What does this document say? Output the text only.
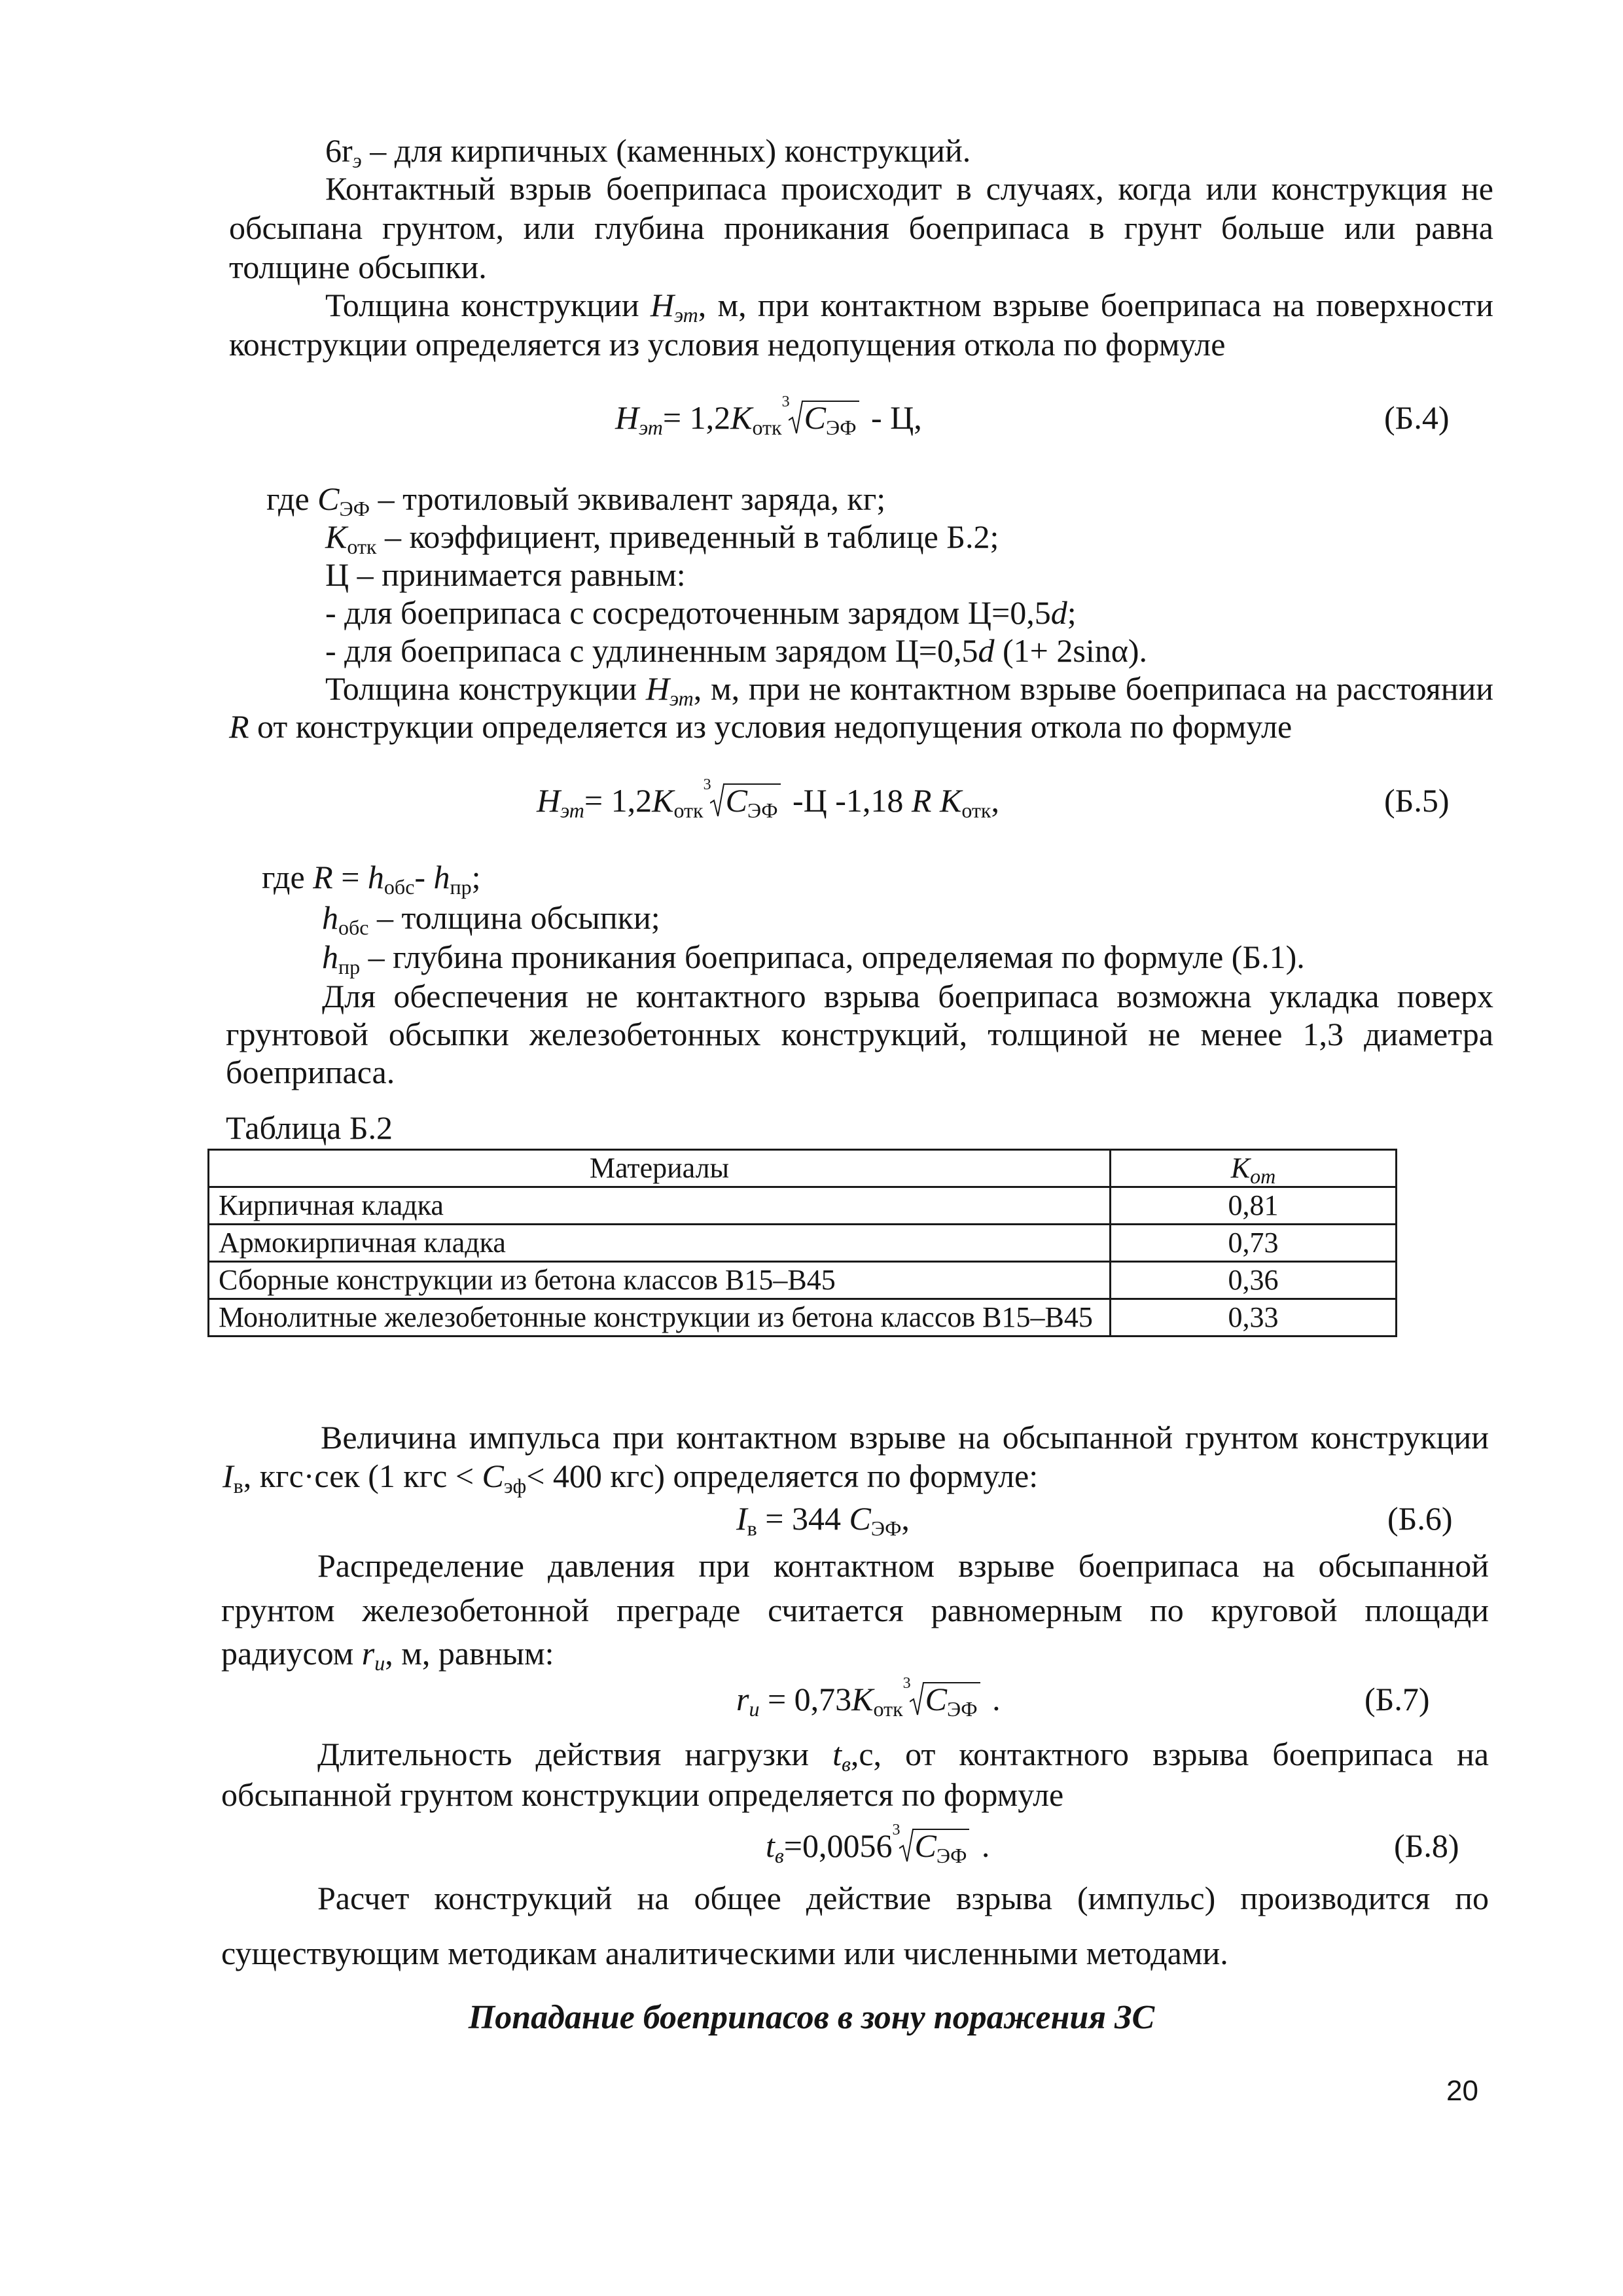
$6r_э$ – для кирпичных (каменных) конструкций.
Контактный взрыв боеприпаса происходит в случаях, когда или конструкция не
обсыпана грунтом, или глубина проникания боеприпаса в грунт больше или равна
толщине обсыпки.
Толщина конструкции $H_{эт}$, м, при контактном взрыве боеприпаса на поверхности
конструкции определяется из условия недопущения откола по формуле
$H_{эт}= 1,2K_{отк}$
3 $C_{ЭФ}$ - Ц,	(Б.4)
где $C_{ЭФ}$ – тротиловый эквивалент заряда, кг;
$K_{отк}$ – коэффициент, приведенный в таблице Б.2;
Ц – принимается равным:
- для боеприпаса с сосредоточенным зарядом Ц=0,5d;
- для боеприпаса с удлиненным зарядом Ц=0,5d (1+ 2sinα).
Толщина конструкции $H_{эт}$, м, при не контактном взрыве боеприпаса на расстоянии
R от конструкции определяется из условия недопущения откола по формуле
$H_{эт}= 1,2K_{отк}$
3 $C_{ЭФ}$ -Ц -1,18 R $K_{отк}$,	(Б.5)
где $R = h_{обс}-$ $h_{пр}$;
$h_{обс}$ – толщина обсыпки;
$h_{пр}$ – глубина проникания боеприпаса, определяемая по формуле (Б.1).
Для обеспечения не контактного взрыва боеприпаса возможна укладка поверх
грунтовой обсыпки железобетонных конструкций, толщиной не менее 1,3 диаметра
боеприпаса.
Таблица Б.2
Материалы	$K_{от}$
Кирпичная кладка	0,81
Армокирпичная кладка	0,73
Сборные конструкции из бетона классов В15–В45	0,36
Монолитные железобетонные конструкции из бетона классов В15–В45	0,33
Величина импульса при контактном взрыве на обсыпанной грунтом конструкции
$I_в$, кгс·сек (1 кгс < $C_{эф}< 400$ кгс) определяется по формуле:
$I_в = 344$ $C_{ЭФ}$,	(Б.6)
Распределение давления при контактном взрыве боеприпаса на обсыпанной
грунтом железобетонной преграде считается равномерным по круговой площади
радиусом $r_u$, м, равным:
$r_u = 0,73K_{отк}$
3 $C_{ЭФ}$ .	(Б.7)
Длительность действия нагрузки $t_в,с$, от контактного взрыва боеприпаса на
обсыпанной грунтом конструкции определяется по формуле
$t_в=0,0056$ 3 $C_{ЭФ}$ .	(Б.8)
Расчет конструкций на общее действие взрыва (импульс) производится по
существующим методикам аналитическими или численными методами.
Попадание боеприпасов в зону поражения ЗС
20
